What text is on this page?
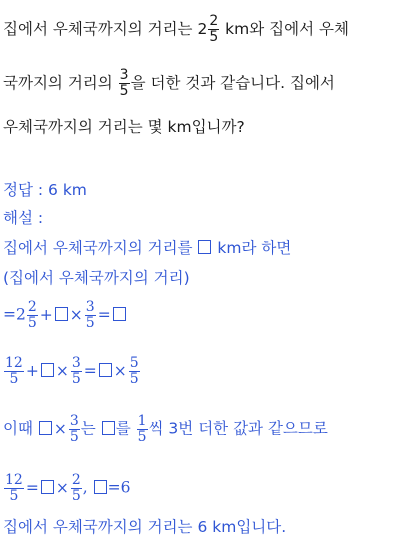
집에서 우체국까지의 거리는 $2 \frac{2}{5}$ km와 집에서 우체
국까지의 거리의 $\frac{3}{5}$ 을 더한 것과 같습니다. 집에서
우체국까지의 거리는 몇 km입니까?
정답 : 6 km
해설 :
집에서 우체국까지의 거리를  km라 하면
(집에서 우체국까지의 거리)
$=2 \frac{2}{5}$ + × $\frac{3}{5}$ =
$\frac{12}{5}$ + × $\frac{3}{5}$ = × $\frac{5}{5}$
이때 × $\frac{3}{5}$ 는 를 $\frac{1}{5}$ 씩 3번 더한 값과 같으므로
$\frac{12}{5}$ = × $\frac{2}{5}$ , =6
집에서 우체국까지의 거리는 6 km입니다.
